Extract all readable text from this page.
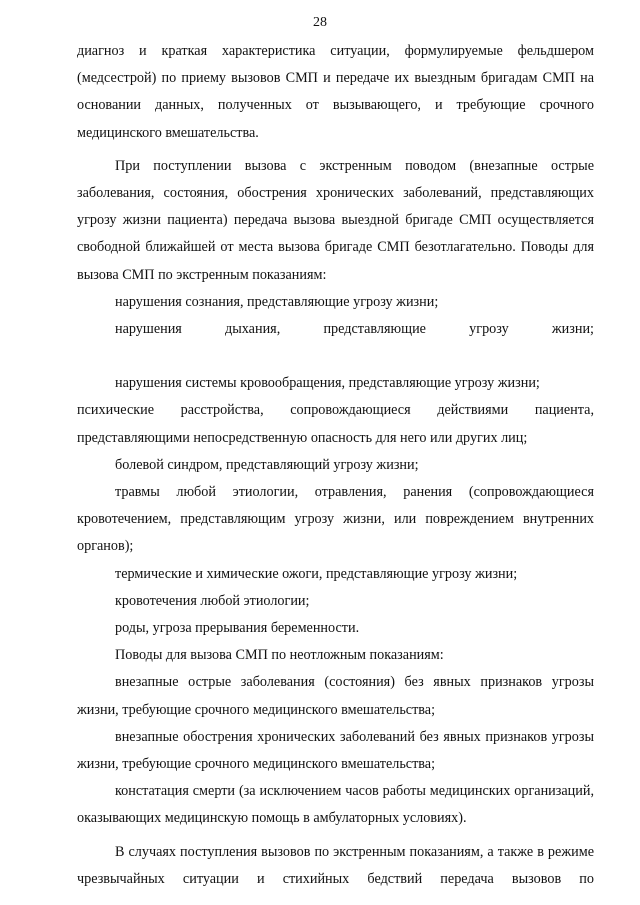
28

диагноз и краткая характеристика ситуации, формулируемые фельдшером (медсестрой) по приему вызовов СМП и передаче их выездным бригадам СМП на основании данных, полученных от вызывающего, и требующие срочного медицинского вмешательства.

При поступлении вызова с экстренным поводом (внезапные острые заболевания, состояния, обострения хронических заболеваний, представляющих угрозу жизни пациента) передача вызова выездной бригаде СМП осуществляется свободной ближайшей от места вызова бригаде СМП безотлагательно. Поводы для вызова СМП по экстренным показаниям:

нарушения сознания, представляющие угрозу жизни;

нарушения дыхания, представляющие угрозу жизни;

нарушения системы кровообращения, представляющие угрозу жизни;

психические расстройства, сопровождающиеся действиями пациента, представляющими непосредственную опасность для него или других лиц;

болевой синдром, представляющий угрозу жизни;

травмы любой этиологии, отравления, ранения (сопровождающиеся кровотечением, представляющим угрозу жизни, или повреждением внутренних органов);

термические и химические ожоги, представляющие угрозу жизни;

кровотечения любой этиологии;

роды, угроза прерывания беременности.

Поводы для вызова СМП по неотложным показаниям:

внезапные острые заболевания (состояния) без явных признаков угрозы жизни, требующие срочного медицинского вмешательства;

внезапные обострения хронических заболеваний без явных признаков угрозы жизни, требующие срочного медицинского вмешательства;

констатация смерти (за исключением часов работы медицинских организаций, оказывающих медицинскую помощь в амбулаторных условиях).

В случаях поступления вызовов по экстренным показаниям, а также в режиме чрезвычайных ситуации и стихийных бедствий передача вызовов по
